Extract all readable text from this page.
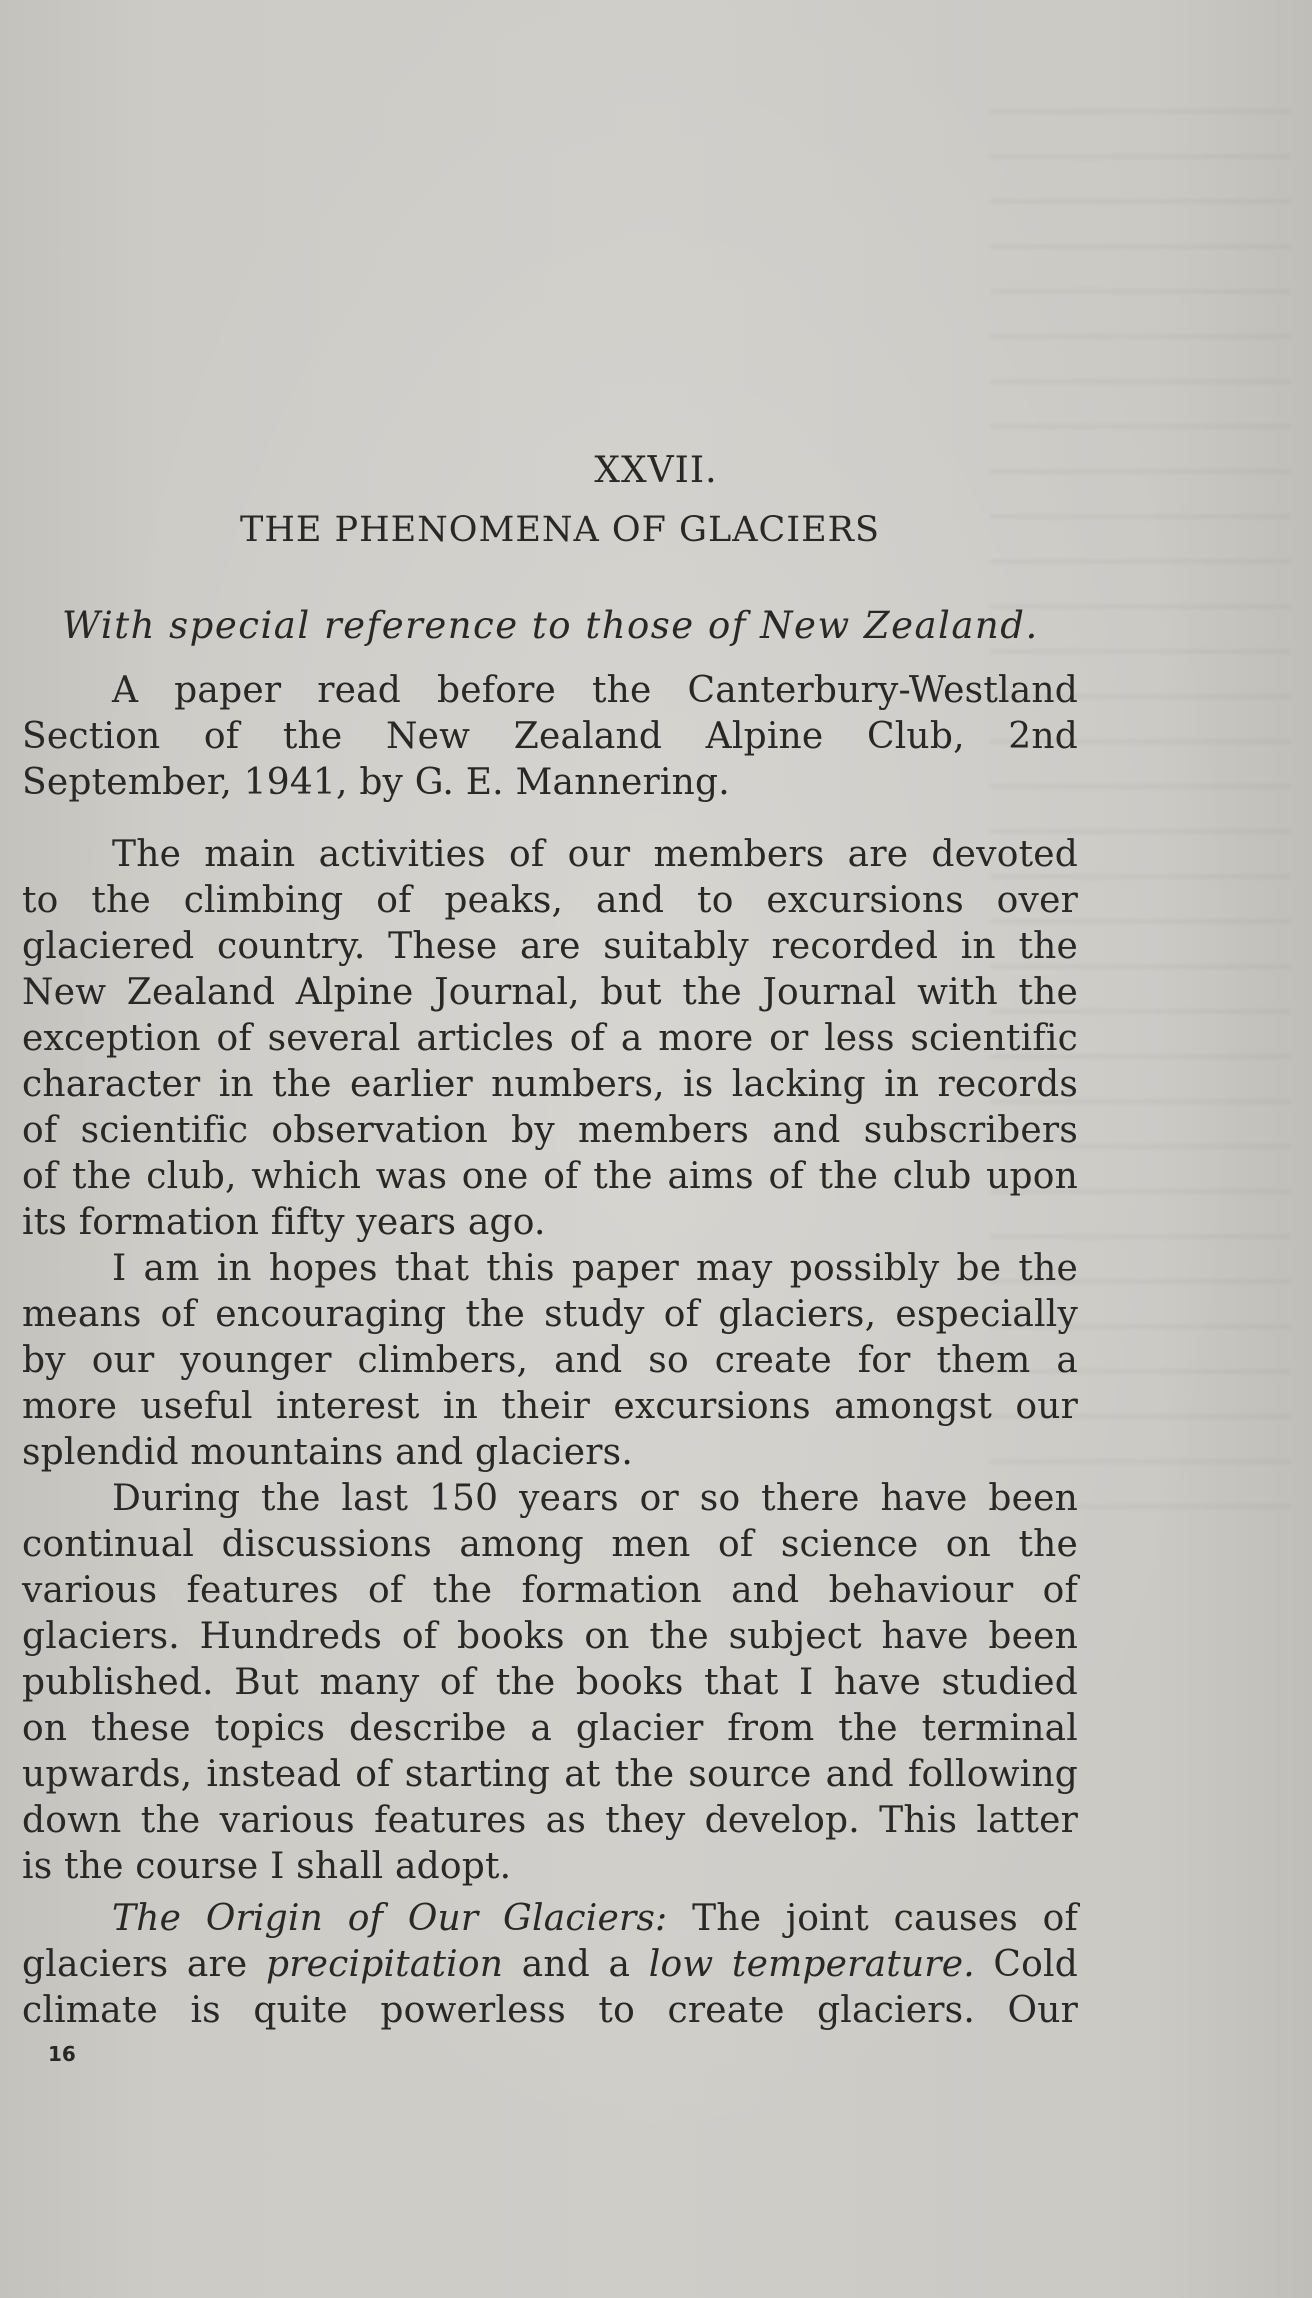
XXVII.
THE PHENOMENA OF GLACIERS
With special reference to those of New Zealand.
A paper read before the Canterbury-Westland
Section of the New Zealand Alpine Club, 2nd
September, 1941, by G. E. Mannering.
The main activities of our members are devoted
to the climbing of peaks, and to excursions over
glaciered country. These are suitably recorded in the
New Zealand Alpine Journal, but the Journal with the
exception of several articles of a more or less scientific
character in the earlier numbers, is lacking in records
of scientific observation by members and subscribers
of the club, which was one of the aims of the club upon
its formation fifty years ago.
I am in hopes that this paper may possibly be the
means of encouraging the study of glaciers, especially
by our younger climbers, and so create for them a
more useful interest in their excursions amongst our
splendid mountains and glaciers.
During the last 150 years or so there have been
continual discussions among men of science on the
various features of the formation and behaviour of
glaciers. Hundreds of books on the subject have been
published. But many of the books that I have studied
on these topics describe a glacier from the terminal
upwards, instead of starting at the source and following
down the various features as they develop. This latter
is the course I shall adopt.
The Origin of Our Glaciers: The joint causes of
glaciers are precipitation and a low temperature. Cold
climate is quite powerless to create glaciers. Our
16
